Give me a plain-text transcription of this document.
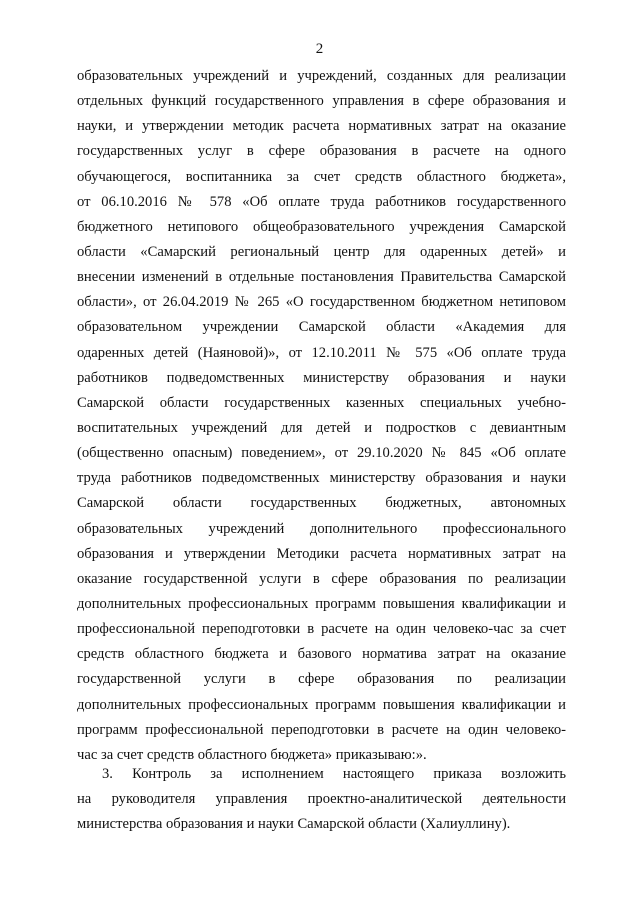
2
образовательных учреждений и учреждений, созданных для реализации
отдельных функций государственного управления в сфере образования и
науки, и утверждении методик расчета нормативных затрат на оказание
государственных услуг в сфере образования в расчете на одного
обучающегося, воспитанника за счет средств областного бюджета»,
от 06.10.2016 № 578 «Об оплате труда работников государственного
бюджетного нетипового общеобразовательного учреждения Самарской
области «Самарский региональный центр для одаренных детей» и
внесении изменений в отдельные постановления Правительства Самарской
области», от 26.04.2019 № 265 «О государственном бюджетном нетиповом
образовательном учреждении Самарской области «Академия для
одаренных детей (Наяновой)», от 12.10.2011 № 575 «Об оплате труда
работников подведомственных министерству образования и науки
Самарской области государственных казенных специальных учебно-
воспитательных учреждений для детей и подростков с девиантным
(общественно опасным) поведением», от 29.10.2020 № 845 «Об оплате
труда работников подведомственных министерству образования и науки
Самарской области государственных бюджетных, автономных
образовательных учреждений дополнительного профессионального
образования и утверждении Методики расчета нормативных затрат на
оказание государственной услуги в сфере образования по реализации
дополнительных профессиональных программ повышения квалификации и
профессиональной переподготовки в расчете на один человеко-час за счет
средств областного бюджета и базового норматива затрат на оказание
государственной услуги в сфере образования по реализации
дополнительных профессиональных программ повышения квалификации и
программ профессиональной переподготовки в расчете на один человеко-
час за счет средств областного бюджета» приказываю:».
3. Контроль за исполнением настоящего приказа возложить
на руководителя управления проектно-аналитической деятельности
министерства образования и науки Самарской области (Халиуллину).
